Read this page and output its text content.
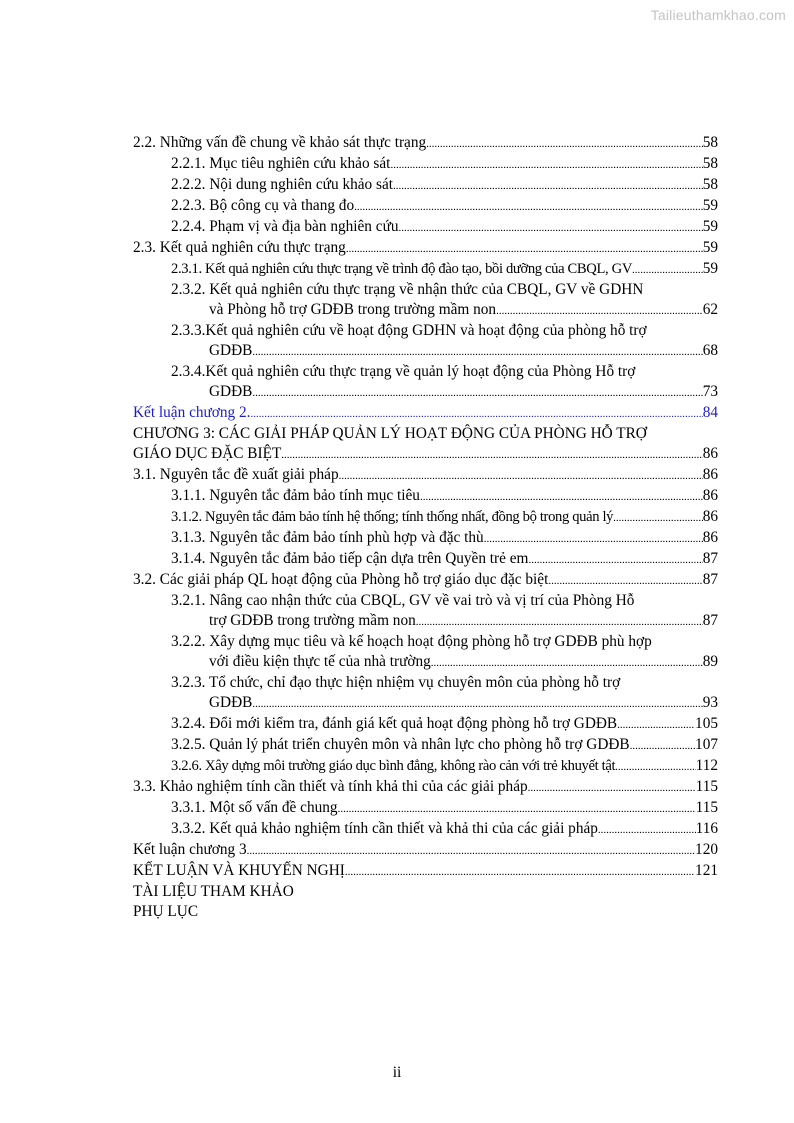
Tailieuthamkhao.com
2.2. Những vấn đề chung về khảo sát thực trạng .....	58
2.2.1. Mục tiêu nghiên cứu khảo sát .....	58
2.2.2. Nội dung nghiên cứu khảo sát .....	58
2.2.3. Bộ công cụ và thang đo .....	59
2.2.4. Phạm vị và địa bàn nghiên cứu .....	59
2.3. Kết quả nghiên cứu thực trạng .....	59
2.3.1. Kết quả nghiên cứu thực trạng về trình độ đào tạo, bồi dưỡng của CBQL, GV .....	59
2.3.2. Kết quả nghiên cứu thực trạng về nhận thức của CBQL, GV về GDHN
và Phòng hỗ trợ GDĐB trong trường mầm non .....	62
2.3.3.Kết quả nghiên cứu về hoạt động GDHN và hoạt động của phòng hỗ trợ
GDĐB .....	68
2.3.4.Kết quả nghiên cứu thực trạng về quản lý hoạt động của Phòng Hỗ trợ
GDĐB .....	73
Kết luận chương 2. .....	84
CHƯƠNG 3: CÁC GIẢI PHÁP QUẢN LÝ HOẠT ĐỘNG CỦA PHÒNG HỖ TRỢ
GIÁO DỤC ĐẶC BIỆT .....	86
3.1. Nguyên tắc đề xuất giải pháp .....	86
3.1.1. Nguyên tắc đảm bảo tính mục tiêu .....	86
3.1.2. Nguyên tắc đảm bảo tính hệ thống; tính thống nhất, đồng bộ trong quản lý .....	86
3.1.3. Nguyên tắc đảm bảo tính phù hợp và đặc thù .....	86
3.1.4. Nguyên tắc đảm bảo tiếp cận dựa trên Quyền trẻ em .....	87
3.2. Các giải pháp QL hoạt động của Phòng hỗ trợ giáo dục đặc biệt .....	87
3.2.1. Nâng cao nhận thức của CBQL, GV về vai trò và vị trí của Phòng Hỗ
trợ GDĐB trong trường mầm non .....	87
3.2.2. Xây dựng mục tiêu và kế hoạch hoạt động phòng hỗ trợ GDĐB phù hợp
với điều kiện thực tế của nhà trường .....	89
3.2.3. Tổ chức, chỉ đạo thực hiện nhiệm vụ chuyên môn của phòng hỗ trợ
GDĐB .....	93
3.2.4. Đổi mới kiểm tra, đánh giá kết quả hoạt động phòng hỗ trợ GDĐB .....	105
3.2.5. Quản lý phát triển chuyên môn và nhân lực cho phòng hỗ trợ GDĐB .....	107
3.2.6. Xây dựng môi trường giáo dục bình đẳng, không rào cản với trẻ khuyết tật .....	112
3.3. Khảo nghiệm tính cần thiết và tính khả thi của các giải pháp .....	115
3.3.1. Một số vấn đề chung .....	115
3.3.2. Kết quả khảo nghiệm tính cần thiết và khả thi của các giải pháp .....	116
Kết luận chương 3 .....	120
KẾT LUẬN VÀ KHUYẾN NGHỊ .....	121
TÀI LIỆU THAM KHẢO
PHỤ LỤC
ii
